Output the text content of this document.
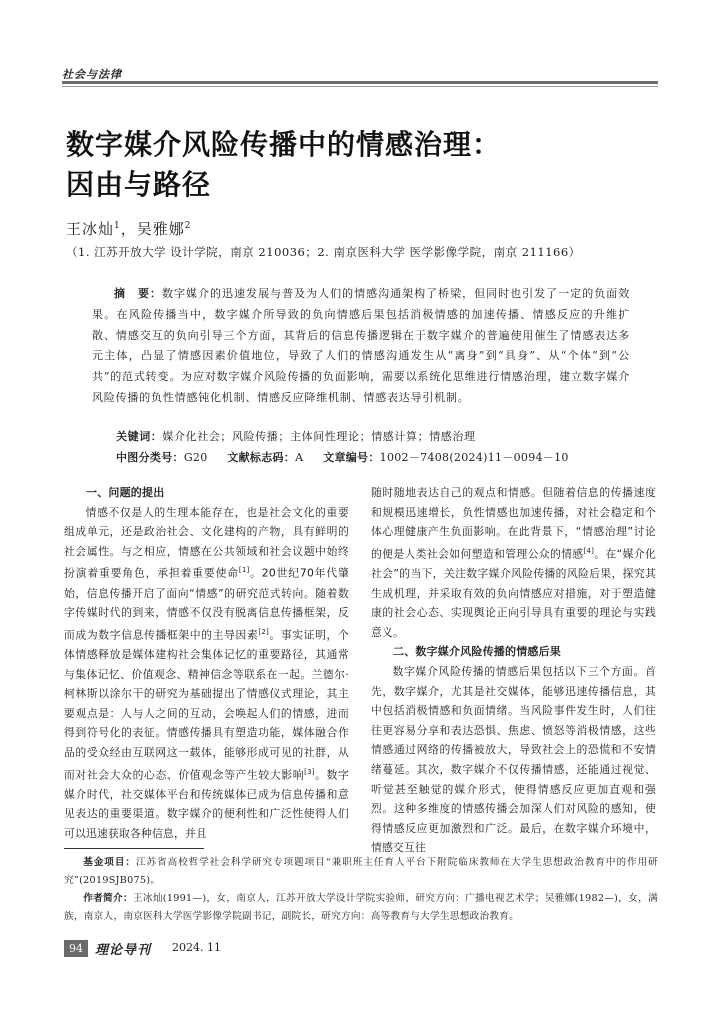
社会与法律
数字媒介风险传播中的情感治理：
因由与路径
王冰灿$^1$，吴雅娜$^2$
（1. 江苏开放大学 设计学院，南京 210036；2. 南京医科大学 医学影像学院，南京 211166）
摘　要：数字媒介的迅速发展与普及为人们的情感沟通架构了桥梁，但同时也引发了一定的负面效果。在风险传播当中，数字媒介所导致的负向情感后果包括消极情感的加速传播、情感反应的升维扩散、情感交互的负向引导三个方面，其背后的信息传播逻辑在于数字媒介的普遍使用催生了情感表达多元主体，凸显了情感因素价值地位，导致了人们的情感沟通发生从“离身”到“具身”、从“个体”到“公共”的范式转变。为应对数字媒介风险传播的负面影响，需要以系统化思维进行情感治理，建立数字媒介风险传播的负性情感钝化机制、情感反应降维机制、情感表达导引机制。
关键词：媒介化社会；风险传播；主体间性理论；情感计算；情感治理
中图分类号：G20 文献标志码：A 文章编号：1002－7408(2024)11－0094－10
一、问题的提出

情感不仅是人的生理本能存在，也是社会文化的重要组成单元，还是政治社会、文化建构的产物，具有鲜明的社会属性。与之相应，情感在公共领域和社会议题中始终扮演着重要角色，承担着重要使命[1]。20世纪70年代肇始，信息传播开启了面向“情感”的研究范式转向。随着数字传媒时代的到来，情感不仅没有脱离信息传播框架，反而成为数字信息传播框架中的主导因素[2]。事实证明，个体情感释放是媒体建构社会集体记忆的重要路径，其通常与集体记忆、价值观念、精神信念等联系在一起。兰德尔·柯林斯以涂尔干的研究为基础提出了情感仪式理论，其主要观点是：人与人之间的互动，会唤起人们的情感，进而得到符号化的表征。情感传播具有塑造功能，媒体融合作品的受众经由互联网这一载体，能够形成可见的社群，从而对社会大众的心态、价值观念等产生较大影响[3]。数字媒介时代，社交媒体平台和传统媒体已成为信息传播和意见表达的重要渠道。数字媒介的便利性和广泛性使得人们可以迅速获取各种信息，并且

随时随地表达自己的观点和情感。但随着信息的传播速度和规模迅速增长，负性情感也加速传播，对社会稳定和个体心理健康产生负面影响。在此背景下，“情感治理”讨论的便是人类社会如何塑造和管理公众的情感[4]。在“媒介化社会”的当下，关注数字媒介风险传播的风险后果，探究其生成机理，并采取有效的负向情感应对措施，对于塑造健康的社会心态、实现舆论正向引导具有重要的理论与实践意义。

二、数字媒介风险传播的情感后果

数字媒介风险传播的情感后果包括以下三个方面。首先，数字媒介，尤其是社交媒体，能够迅速传播信息，其中包括消极情感和负面情绪。当风险事件发生时，人们往往更容易分享和表达恐惧、焦虑、愤怒等消极情感，这些情感通过网络的传播被放大，导致社会上的恐慌和不安情绪蔓延。其次，数字媒介不仅传播情感，还能通过视觉、听觉甚至触觉的媒介形式，使得情感反应更加直观和强烈。这种多维度的情感传播会加深人们对风险的感知，使得情感反应更加激烈和广泛。最后，在数字媒介环境中，情感交互往

基金项目：江苏省高校哲学社会科学研究专项题项目“兼职班主任育人平台下附院临床教师在大学生思想政治教育中的作用研究”(2019SJB075)。
作者简介：王冰灿(1991—)，女，南京人，江苏开放大学设计学院实验师，研究方向：广播电视艺术学；吴雅娜(1982—)，女，满族，南京人，南京医科大学医学影像学院副书记，副院长，研究方向：高等教育与大学生思想政治教育。
94 理论导刊 2024. 11
